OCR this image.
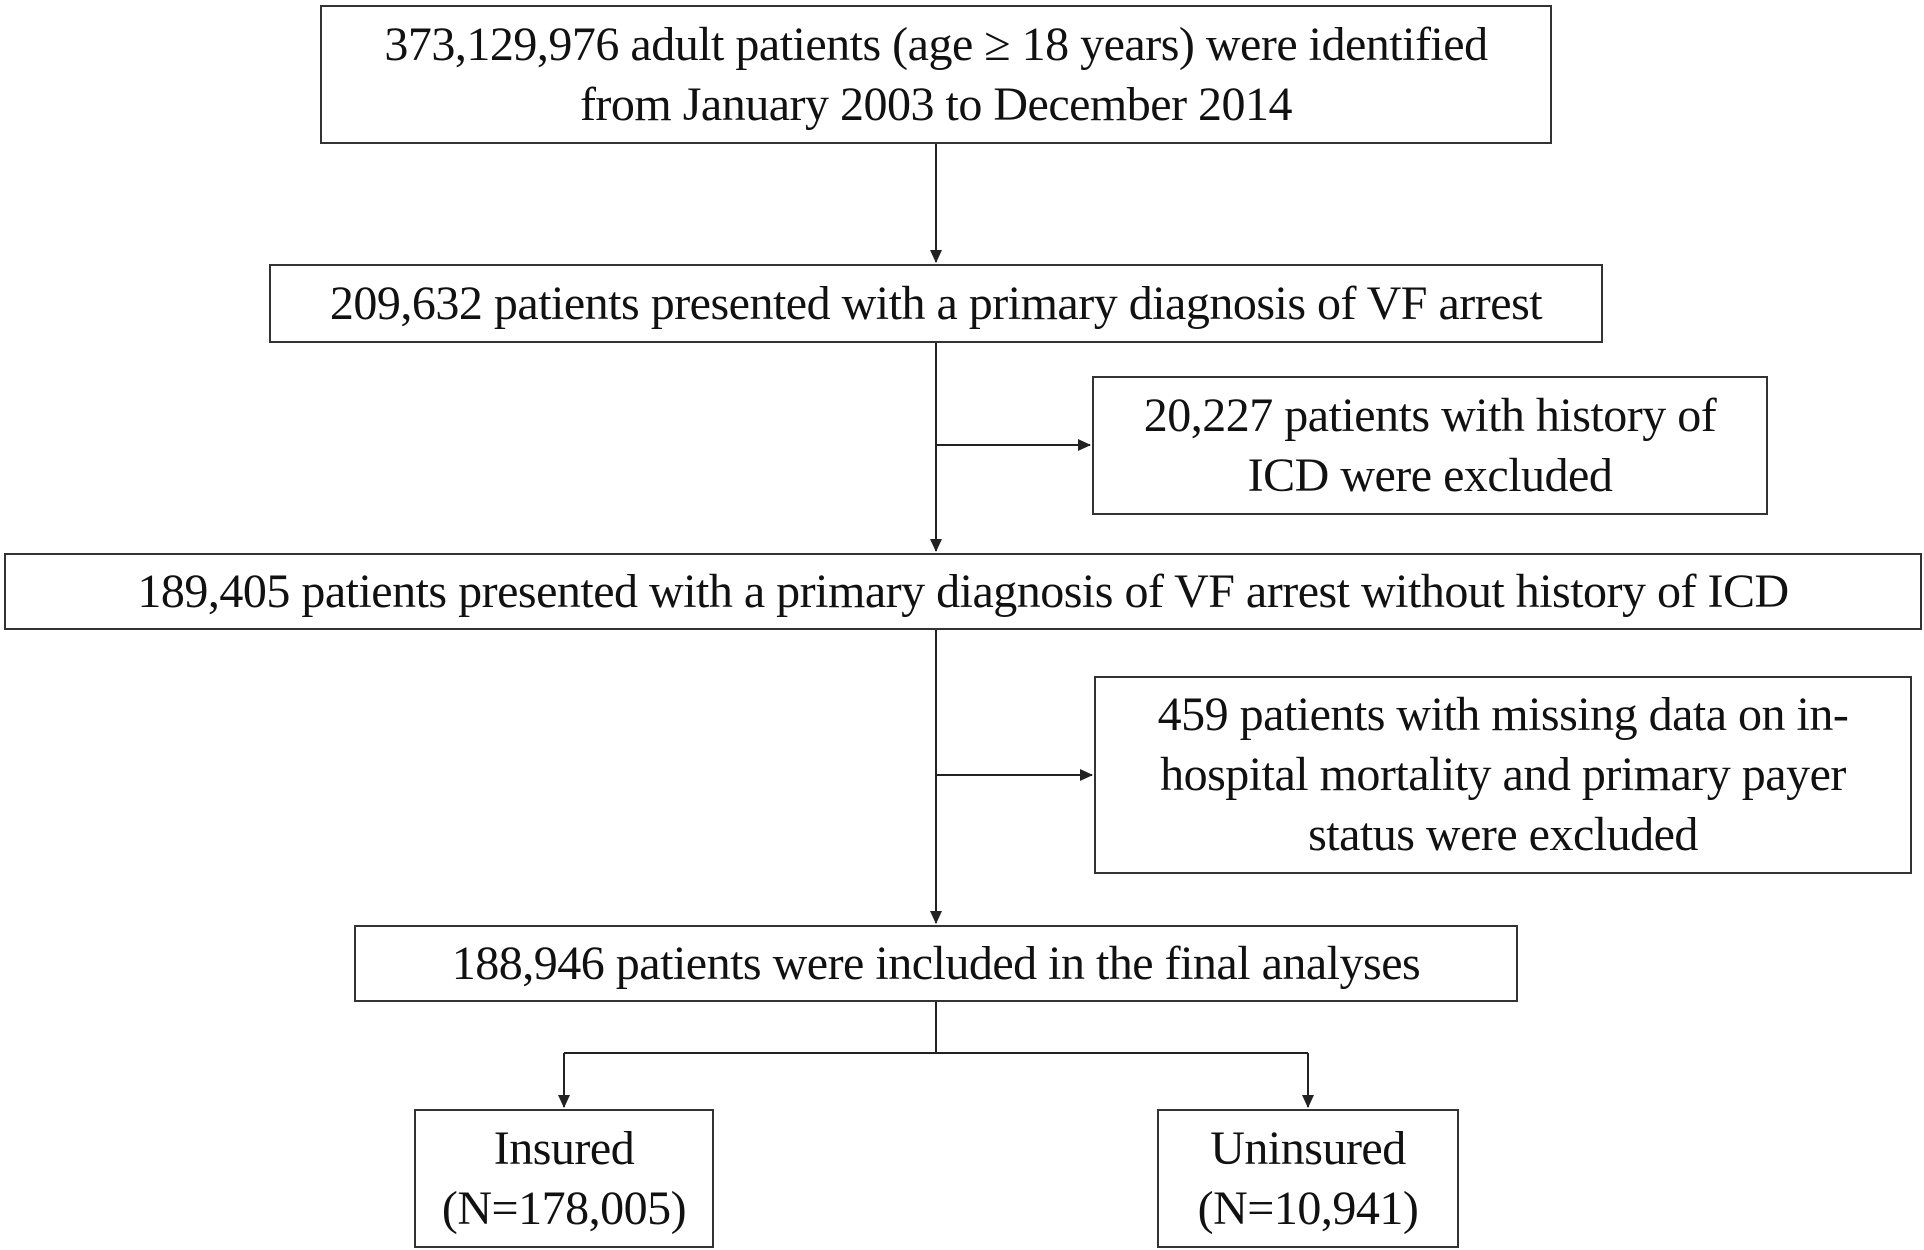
373,129,976 adult patients (age ≥ 18 years) were identified
from January 2003 to December 2014
209,632 patients presented with a primary diagnosis of VF arrest
20,227 patients with history of
ICD were excluded
189,405 patients presented with a primary diagnosis of VF arrest without history of ICD
459 patients with missing data on in-
hospital mortality and primary payer
status were excluded
188,946 patients were included in the final analyses
Insured
(N=178,005)
Uninsured
(N=10,941)
